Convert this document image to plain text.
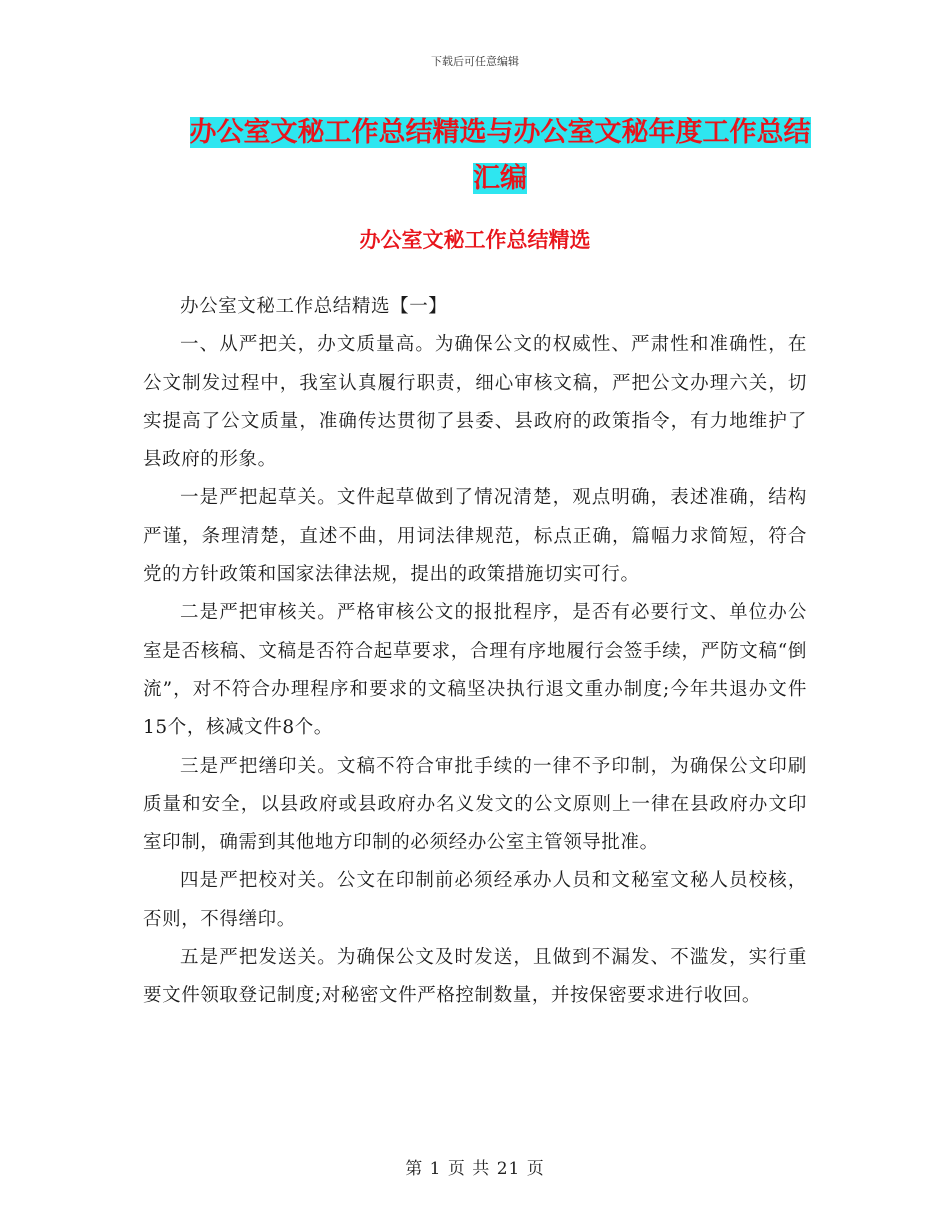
下载后可任意编辑
办公室文秘工作总结精选与办公室文秘年度工作总结
汇编
办公室文秘工作总结精选

办公室文秘工作总结精选【一】

一、从严把关，办文质量高。为确保公文的权威性、严肃性和准确性，在公文制发过程中，我室认真履行职责，细心审核文稿，严把公文办理六关，切实提高了公文质量，准确传达贯彻了县委、县政府的政策指令，有力地维护了县政府的形象。

一是严把起草关。文件起草做到了情况清楚，观点明确，表述准确，结构严谨，条理清楚，直述不曲，用词法律规范，标点正确，篇幅力求简短，符合党的方针政策和国家法律法规，提出的政策措施切实可行。

二是严把审核关。严格审核公文的报批程序，是否有必要行文、单位办公室是否核稿、文稿是否符合起草要求，合理有序地履行会签手续，严防文稿“倒流”，对不符合办理程序和要求的文稿坚决执行退文重办制度;今年共退办文件15个，核减文件8个。

三是严把缮印关。文稿不符合审批手续的一律不予印制，为确保公文印刷质量和安全，以县政府或县政府办名义发文的公文原则上一律在县政府办文印室印制，确需到其他地方印制的必须经办公室主管领导批准。

四是严把校对关。公文在印制前必须经承办人员和文秘室文秘人员校核，否则，不得缮印。

五是严把发送关。为确保公文及时发送，且做到不漏发、不滥发，实行重要文件领取登记制度;对秘密文件严格控制数量，并按保密要求进行收回。

第 1 页 共 21 页
